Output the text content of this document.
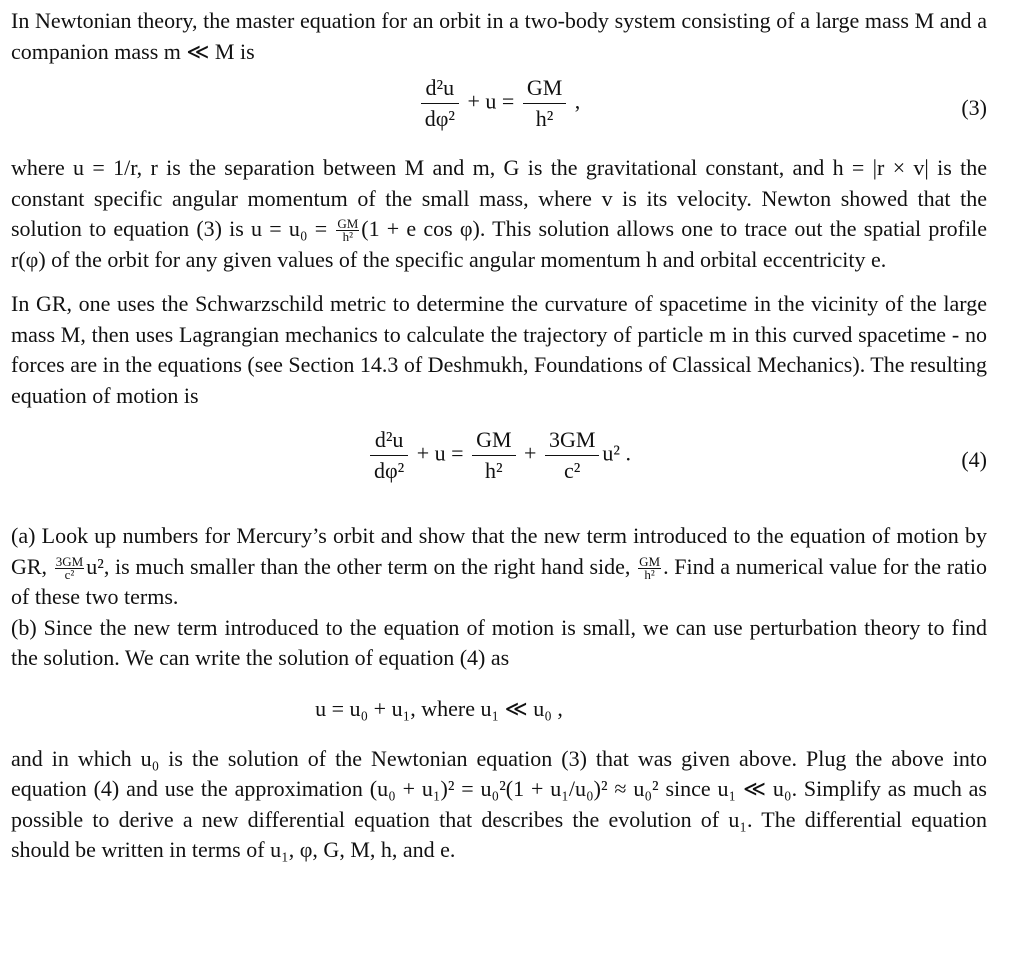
In Newtonian theory, the master equation for an orbit in a two-body system consisting of a large mass M and a companion mass m ≪ M is

$\frac{\text{d²u}}{\text{dφ²}} + u = \frac{GM}{\text{h²}}$ ,	(3)

where u = 1/r, r is the separation between M and m, G is the gravitational constant, and h = |r × v| is the constant specific angular momentum of the small mass, where v is its velocity. Newton showed that the solution to equation (3) is $u = u_0 = \frac{GM}{\text{h²}} (1 + e$ cos φ). This solution allows one to trace out the spatial profile r(φ) of the orbit for any given values of the specific angular momentum h and orbital eccentricity e.

In GR, one uses the Schwarzschild metric to determine the curvature of spacetime in the vicinity of the large mass M, then uses Lagrangian mechanics to calculate the trajectory of particle m in this curved spacetime - no forces are in the equations (see Section 14.3 of Deshmukh, Foundations of Classical Mechanics). The resulting equation of motion is

$\frac{\text{d²u}}{\text{dφ²}} + u = \frac{GM}{\text{h²}} + \frac{3GM}{\text{c²}} u^2$ .	(4)

(a) Look up numbers for Mercury’s orbit and show that the new term introduced to the equation of motion by GR, $\frac{3GM}{\text{c²}} u^2$, is much smaller than the other term on the right hand side, $\frac{GM}{\text{h²}}$ . Find a numerical value for the ratio of these two terms.

(b) Since the new term introduced to the equation of motion is small, we can use perturbation theory to find the solution. We can write the solution of equation (4) as

u = u₀ + u₁, where u₁ ≪ u₀ ,

and in which u₀ is the solution of the Newtonian equation (3) that was given above. Plug the above into equation (4) and use the approximation (u₀ + u₁)² = u₀²(1 + u₁/u₀)² ≈ u₀² since u₁ ≪ u₀. Simplify as much as possible to derive a new differential equation that describes the evolution of u₁. The differential equation should be written in terms of u₁, φ, G, M, h, and e.
